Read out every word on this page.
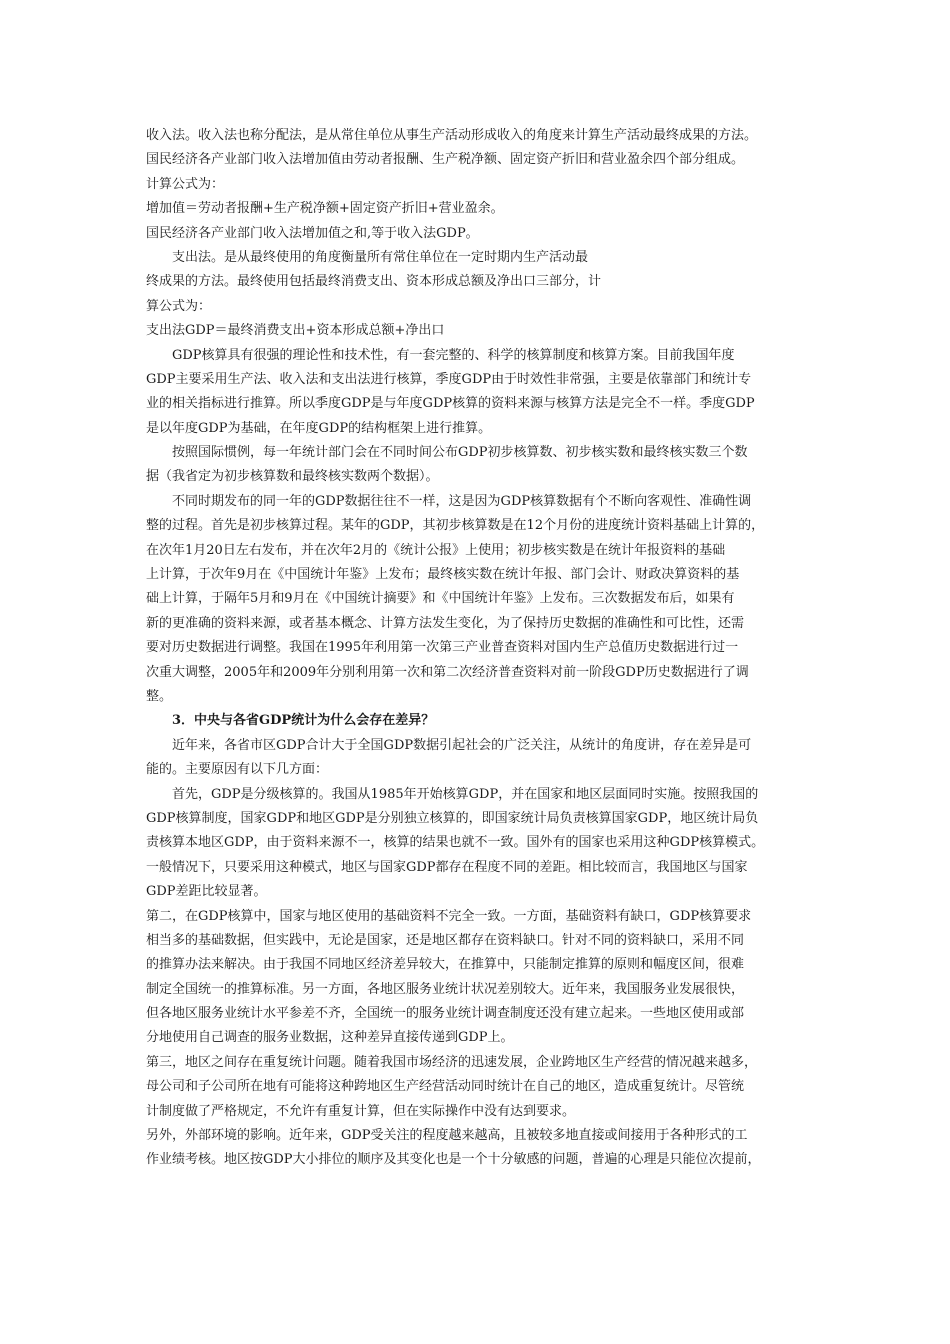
收入法。收入法也称分配法，是从常住单位从事生产活动形成收入的角度来计算生产活动最终成果的方法。
国民经济各产业部门收入法增加值由劳动者报酬、生产税净额、固定资产折旧和营业盈余四个部分组成。
计算公式为：
增加值＝劳动者报酬+生产税净额+固定资产折旧+营业盈余。
国民经济各产业部门收入法增加值之和,等于收入法GDP。
支出法。是从最终使用的角度衡量所有常住单位在一定时期内生产活动最
终成果的方法。最终使用包括最终消费支出、资本形成总额及净出口三部分，计
算公式为：
支出法GDP＝最终消费支出+资本形成总额+净出口
GDP核算具有很强的理论性和技术性，有一套完整的、科学的核算制度和核算方案。目前我国年度
GDP主要采用生产法、收入法和支出法进行核算，季度GDP由于时效性非常强，主要是依靠部门和统计专
业的相关指标进行推算。所以季度GDP是与年度GDP核算的资料来源与核算方法是完全不一样。季度GDP
是以年度GDP为基础，在年度GDP的结构框架上进行推算。
按照国际惯例，每一年统计部门会在不同时间公布GDP初步核算数、初步核实数和最终核实数三个数
据（我省定为初步核算数和最终核实数两个数据）。
不同时期发布的同一年的GDP数据往往不一样，这是因为GDP核算数据有个不断向客观性、准确性调
整的过程。首先是初步核算过程。某年的GDP，其初步核算数是在12个月份的进度统计资料基础上计算的，
在次年1月20日左右发布，并在次年2月的《统计公报》上使用；初步核实数是在统计年报资料的基础
上计算，于次年9月在《中国统计年鉴》上发布；最终核实数在统计年报、部门会计、财政决算资料的基
础上计算，于隔年5月和9月在《中国统计摘要》和《中国统计年鉴》上发布。三次数据发布后，如果有
新的更准确的资料来源，或者基本概念、计算方法发生变化，为了保持历史数据的准确性和可比性，还需
要对历史数据进行调整。我国在1995年利用第一次第三产业普查资料对国内生产总值历史数据进行过一
次重大调整，2005年和2009年分别利用第一次和第二次经济普查资料对前一阶段GDP历史数据进行了调
整。
3．中央与各省GDP统计为什么会存在差异？
近年来，各省市区GDP合计大于全国GDP数据引起社会的广泛关注，从统计的角度讲，存在差异是可
能的。主要原因有以下几方面：
首先，GDP是分级核算的。我国从1985年开始核算GDP，并在国家和地区层面同时实施。按照我国的
GDP核算制度，国家GDP和地区GDP是分别独立核算的，即国家统计局负责核算国家GDP，地区统计局负
责核算本地区GDP，由于资料来源不一，核算的结果也就不一致。国外有的国家也采用这种GDP核算模式。
一般情况下，只要采用这种模式，地区与国家GDP都存在程度不同的差距。相比较而言，我国地区与国家
GDP差距比较显著。
第二，在GDP核算中，国家与地区使用的基础资料不完全一致。一方面，基础资料有缺口，GDP核算要求
相当多的基础数据，但实践中，无论是国家，还是地区都存在资料缺口。针对不同的资料缺口，采用不同
的推算办法来解决。由于我国不同地区经济差异较大，在推算中，只能制定推算的原则和幅度区间，很难
制定全国统一的推算标准。另一方面，各地区服务业统计状况差别较大。近年来，我国服务业发展很快，
但各地区服务业统计水平参差不齐，全国统一的服务业统计调查制度还没有建立起来。一些地区使用或部
分地使用自己调查的服务业数据，这种差异直接传递到GDP上。
第三，地区之间存在重复统计问题。随着我国市场经济的迅速发展，企业跨地区生产经营的情况越来越多，
母公司和子公司所在地有可能将这种跨地区生产经营活动同时统计在自己的地区，造成重复统计。尽管统
计制度做了严格规定，不允许有重复计算，但在实际操作中没有达到要求。
另外，外部环境的影响。近年来，GDP受关注的程度越来越高，且被较多地直接或间接用于各种形式的工
作业绩考核。地区按GDP大小排位的顺序及其变化也是一个十分敏感的问题，普遍的心理是只能位次提前，
